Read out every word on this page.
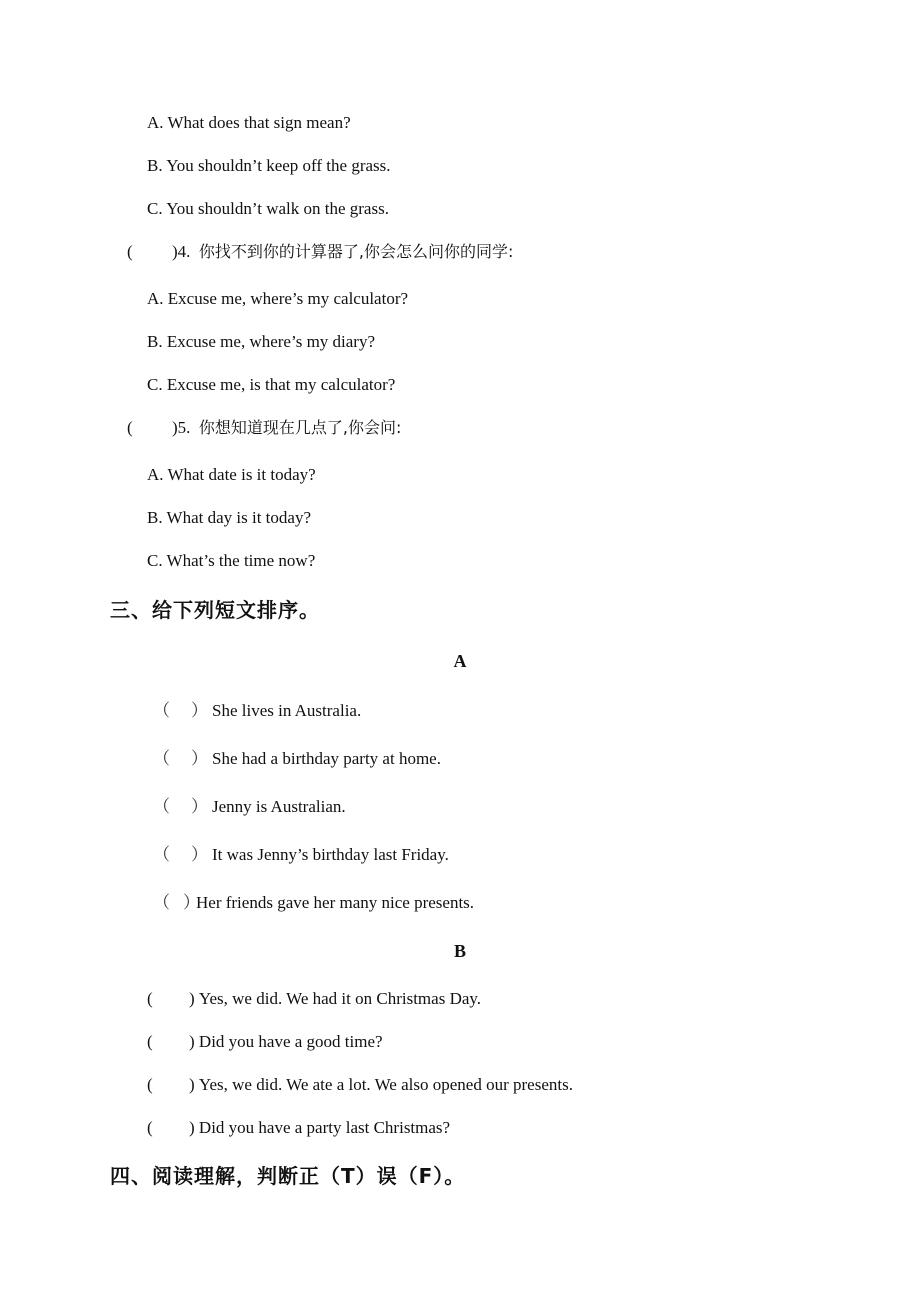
A. What does that sign mean?
B. You shouldn’t keep off the grass.
C. You shouldn’t walk on the grass.
( )4. 你找不到你的计算器了,你会怎么问你的同学:
A. Excuse me, where’s my calculator?
B. Excuse me, where’s my diary?
C. Excuse me, is that my calculator?
( )5. 你想知道现在几点了,你会问:
A. What date is it today?
B. What day is it today?
C. What’s the time now?
三、给下列短文排序。
A
（ ） She lives in Australia.
（ ） She had a birthday party at home.
（ ） Jenny is Australian.
（ ） It was Jenny’s birthday last Friday.
（ ）Her friends gave her many nice presents.
B
( ) Yes, we did. We had it on Christmas Day.
( ) Did you have a good time?
( ) Yes, we did. We ate a lot. We also opened our presents.
( ) Did you have a party last Christmas?
四、阅读理解，判断正（T）误（F）。
